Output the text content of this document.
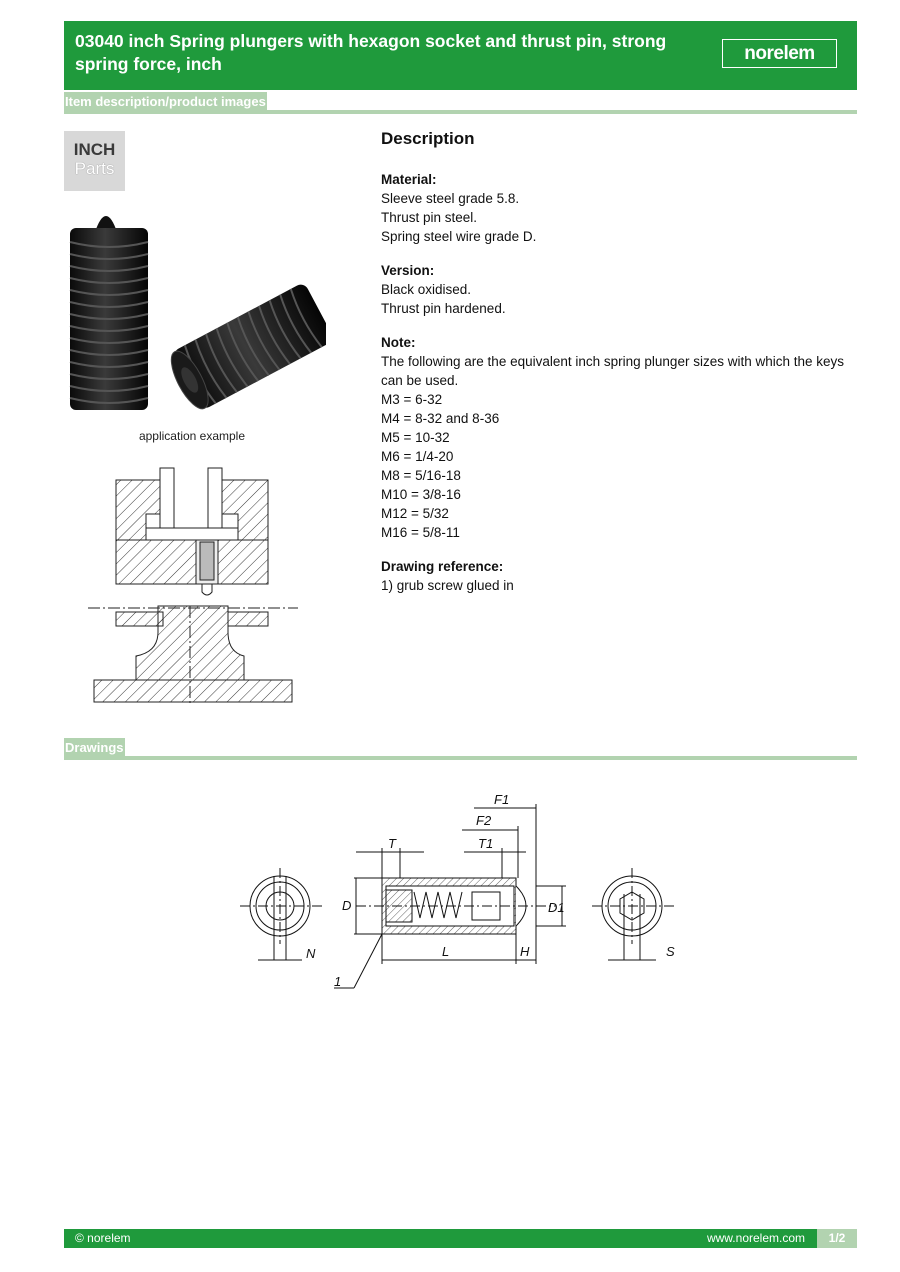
03040 inch Spring plungers with hexagon socket and thrust pin, strong spring force, inch
norelem
Item description/product images
INCH
Parts
application example
Description
Material:
Sleeve steel grade 5.8.
Thrust pin steel.
Spring steel wire grade D.
Version:
Black oxidised.
Thrust pin hardened.
Note:
The following are the equivalent inch spring plunger sizes with which the keys can be used.
M3 = 6-32
M4 = 8-32 and 8-36
M5 = 10-32
M6 = 1/4-20
M8 = 5/16-18
M10 = 3/8-16
M12 = 5/32
M16 = 5/8-11
Drawing reference:
1) grub screw glued in
Drawings
F1
F2
T	T1
D	D1
L	H
N	S
1
© norelem	www.norelem.com	1/2
